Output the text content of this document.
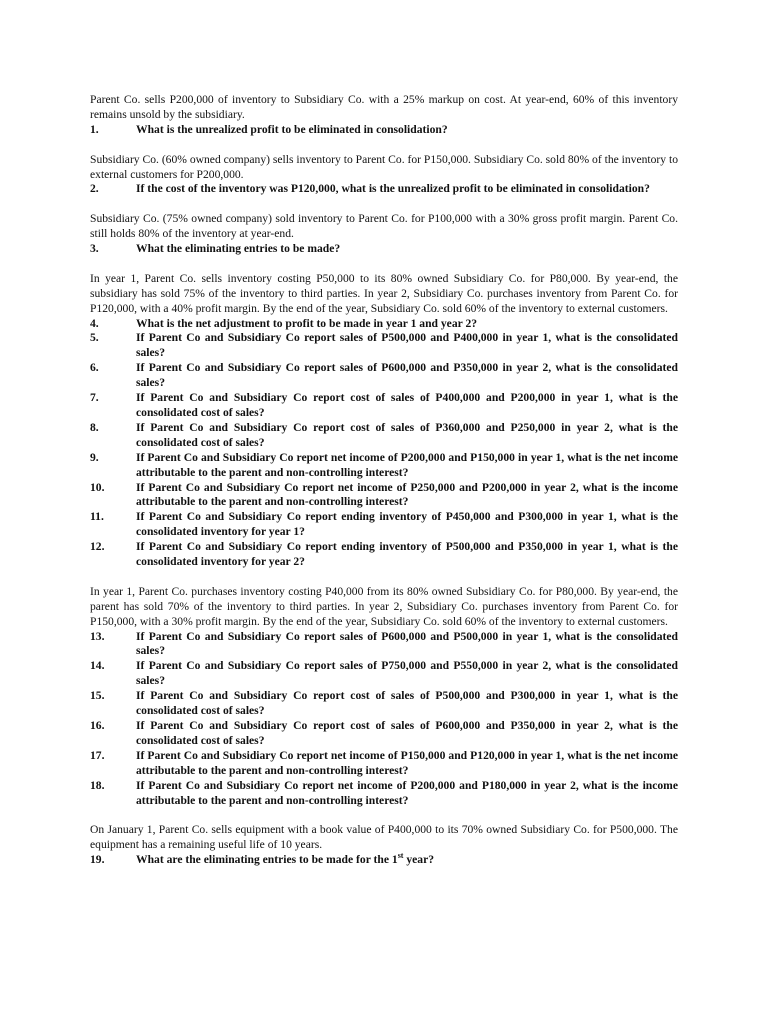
Parent Co. sells P200,000 of inventory to Subsidiary Co. with a 25% markup on cost. At year-end, 60% of this inventory remains unsold by the subsidiary.

1.	What is the unrealized profit to be eliminated in consolidation?

Subsidiary Co. (60% owned company) sells inventory to Parent Co. for P150,000. Subsidiary Co. sold 80% of the inventory to external customers for P200,000.

2.	If the cost of the inventory was P120,000, what is the unrealized profit to be eliminated in consolidation?

Subsidiary Co. (75% owned company) sold inventory to Parent Co. for P100,000 with a 30% gross profit margin. Parent Co. still holds 80% of the inventory at year-end.

3.	What the eliminating entries to be made?

In year 1, Parent Co. sells inventory costing P50,000 to its 80% owned Subsidiary Co. for P80,000. By year-end, the subsidiary has sold 75% of the inventory to third parties. In year 2, Subsidiary Co. purchases inventory from Parent Co. for P120,000, with a 40% profit margin. By the end of the year, Subsidiary Co. sold 60% of the inventory to external customers.

4.	What is the net adjustment to profit to be made in year 1 and year 2?
5.	If Parent Co and Subsidiary Co report sales of P500,000 and P400,000 in year 1, what is the consolidated sales?
6.	If Parent Co and Subsidiary Co report sales of P600,000 and P350,000 in year 2, what is the consolidated sales?
7.	If Parent Co and Subsidiary Co report cost of sales of P400,000 and P200,000 in year 1, what is the consolidated cost of sales?
8.	If Parent Co and Subsidiary Co report cost of sales of P360,000 and P250,000 in year 2, what is the consolidated cost of sales?
9.	If Parent Co and Subsidiary Co report net income of P200,000 and P150,000 in year 1, what is the net income attributable to the parent and non-controlling interest?
10.	If Parent Co and Subsidiary Co report net income of P250,000 and P200,000 in year 2, what is the income attributable to the parent and non-controlling interest?
11.	If Parent Co and Subsidiary Co report ending inventory of P450,000 and P300,000 in year 1, what is the consolidated inventory for year 1?
12.	If Parent Co and Subsidiary Co report ending inventory of P500,000 and P350,000 in year 1, what is the consolidated inventory for year 2?

In year 1, Parent Co. purchases inventory costing P40,000 from its 80% owned Subsidiary Co. for P80,000. By year-end, the parent has sold 70% of the inventory to third parties. In year 2, Subsidiary Co. purchases inventory from Parent Co. for P150,000, with a 30% profit margin. By the end of the year, Subsidiary Co. sold 60% of the inventory to external customers.

13.	If Parent Co and Subsidiary Co report sales of P600,000 and P500,000 in year 1, what is the consolidated sales?
14.	If Parent Co and Subsidiary Co report sales of P750,000 and P550,000 in year 2, what is the consolidated sales?
15.	If Parent Co and Subsidiary Co report cost of sales of P500,000 and P300,000 in year 1, what is the consolidated cost of sales?
16.	If Parent Co and Subsidiary Co report cost of sales of P600,000 and P350,000 in year 2, what is the consolidated cost of sales?
17.	If Parent Co and Subsidiary Co report net income of P150,000 and P120,000 in year 1, what is the net income attributable to the parent and non-controlling interest?
18.	If Parent Co and Subsidiary Co report net income of P200,000 and P180,000 in year 2, what is the income attributable to the parent and non-controlling interest?

On January 1, Parent Co. sells equipment with a book value of P400,000 to its 70% owned Subsidiary Co. for P500,000. The equipment has a remaining useful life of 10 years.

19.	What are the eliminating entries to be made for the 1st year?
